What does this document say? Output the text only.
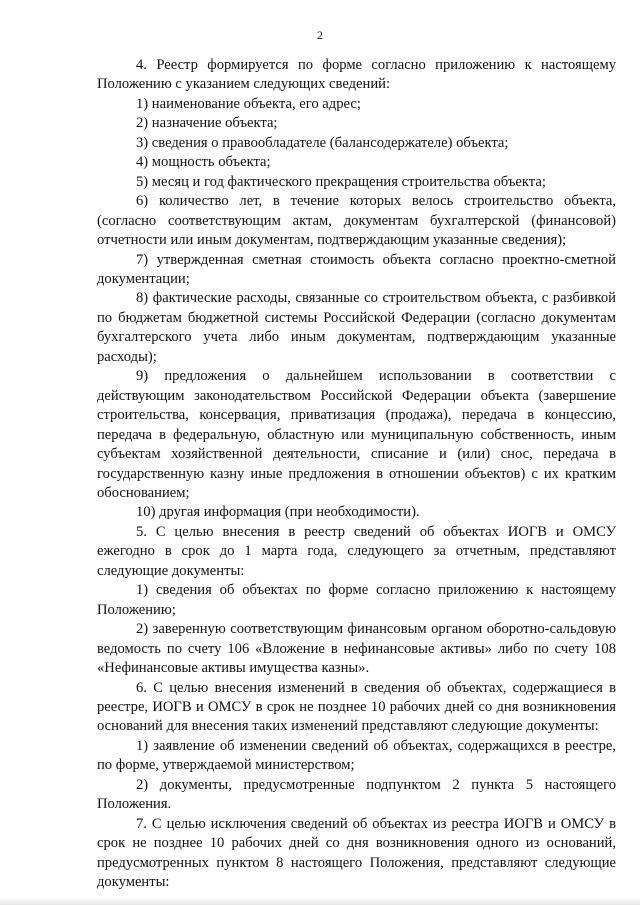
2

4. Реестр формируется по форме согласно приложению к настоящему Положению с указанием следующих сведений:

1) наименование объекта, его адрес;

2) назначение объекта;

3) сведения о правообладателе (балансодержателе) объекта;

4) мощность объекта;

5) месяц и год фактического прекращения строительства объекта;

6) количество лет, в течение которых велось строительство объекта, (согласно соответствующим актам, документам бухгалтерской (финансовой) отчетности или иным документам, подтверждающим указанные сведения);

7) утвержденная сметная стоимость объекта согласно проектно-сметной документации;

8) фактические расходы, связанные со строительством объекта, с разбивкой по бюджетам бюджетной системы Российской Федерации (согласно документам бухгалтерского учета либо иным документам, подтверждающим указанные расходы);

9) предложения о дальнейшем использовании в соответствии с действующим законодательством Российской Федерации объекта (завершение строительства, консервация, приватизация (продажа), передача в концессию, передача в федеральную, областную или муниципальную собственность, иным субъектам хозяйственной деятельности, списание и (или) снос, передача в государственную казну иные предложения в отношении объектов) с их кратким обоснованием;

10) другая информация (при необходимости).

5. С целью внесения в реестр сведений об объектах ИОГВ и ОМСУ ежегодно в срок до 1 марта года, следующего за отчетным, представляют следующие документы:

1) сведения об объектах по форме согласно приложению к настоящему Положению;

2) заверенную соответствующим финансовым органом оборотно-сальдовую ведомость по счету 106 «Вложение в нефинансовые активы» либо по счету 108 «Нефинансовые активы имущества казны».

6. С целью внесения изменений в сведения об объектах, содержащиеся в реестре, ИОГВ и ОМСУ в срок не позднее 10 рабочих дней со дня возникновения оснований для внесения таких изменений представляют следующие документы:

1) заявление об изменении сведений об объектах, содержащихся в реестре, по форме, утверждаемой министерством;

2) документы, предусмотренные подпунктом 2 пункта 5 настоящего Положения.

7. С целью исключения сведений об объектах из реестра ИОГВ и ОМСУ в срок не позднее 10 рабочих дней со дня возникновения одного из оснований, предусмотренных пунктом 8 настоящего Положения, представляют следующие документы:
